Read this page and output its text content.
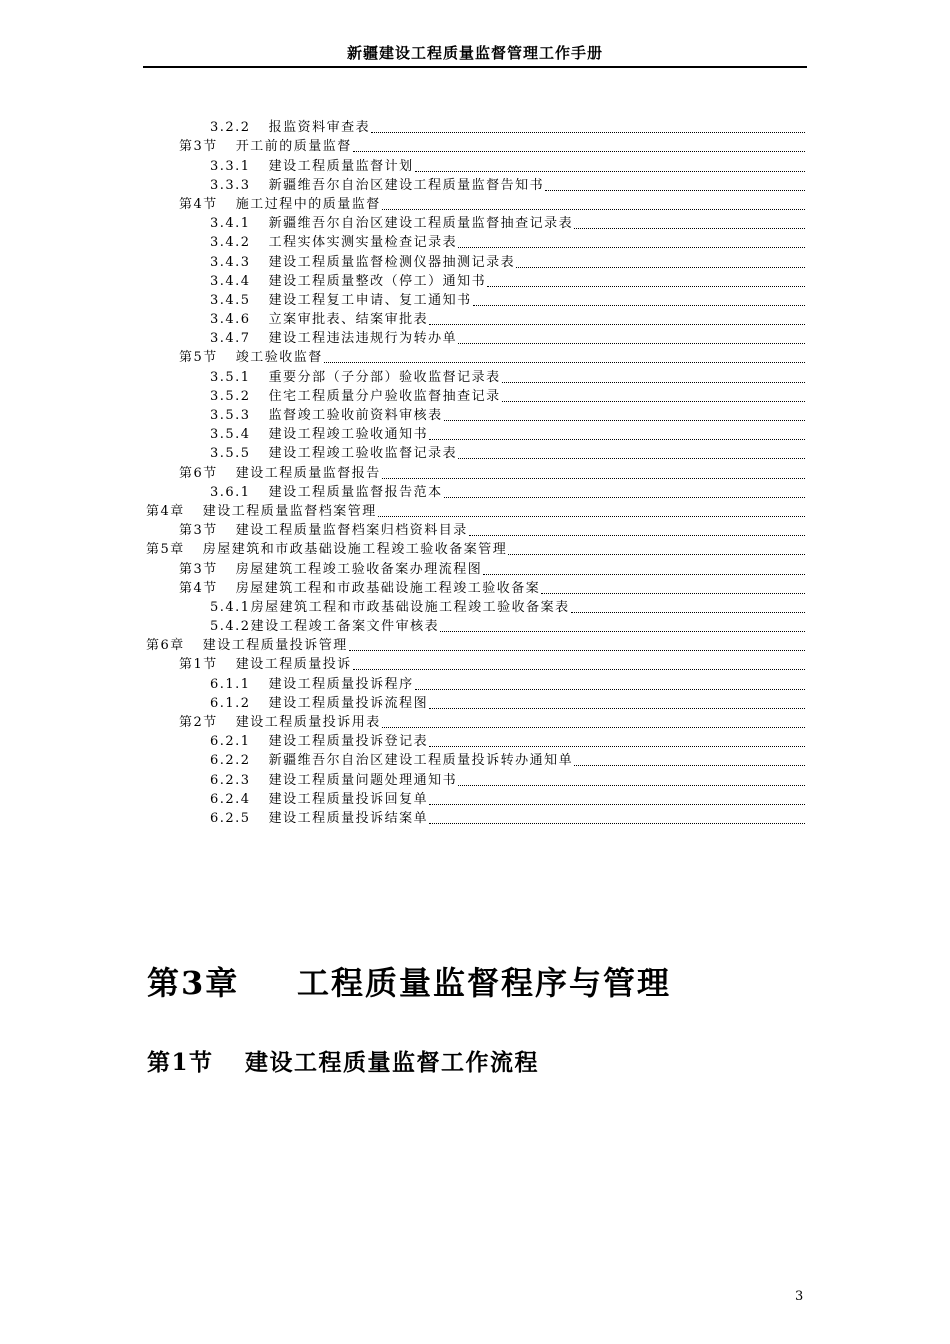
新疆建设工程质量监督管理工作手册
3.2.2 报监资料审查表
第3节 开工前的质量监督
3.3.1 建设工程质量监督计划
3.3.3 新疆维吾尔自治区建设工程质量监督告知书
第4节 施工过程中的质量监督
3.4.1 新疆维吾尔自治区建设工程质量监督抽查记录表
3.4.2 工程实体实测实量检查记录表
3.4.3 建设工程质量监督检测仪器抽测记录表
3.4.4 建设工程质量整改（停工）通知书
3.4.5 建设工程复工申请、复工通知书
3.4.6 立案审批表、结案审批表
3.4.7 建设工程违法违规行为转办单
第5节 竣工验收监督
3.5.1 重要分部（子分部）验收监督记录表
3.5.2 住宅工程质量分户验收监督抽查记录
3.5.3 监督竣工验收前资料审核表
3.5.4 建设工程竣工验收通知书
3.5.5 建设工程竣工验收监督记录表
第6节 建设工程质量监督报告
3.6.1 建设工程质量监督报告范本
第4章 建设工程质量监督档案管理
第3节 建设工程质量监督档案归档资料目录
第5章 房屋建筑和市政基础设施工程竣工验收备案管理
第3节 房屋建筑工程竣工验收备案办理流程图
第4节 房屋建筑工程和市政基础设施工程竣工验收备案
5.4.1 房屋建筑工程和市政基础设施工程竣工验收备案表
5.4.2 建设工程竣工备案文件审核表
第6章 建设工程质量投诉管理
第1节 建设工程质量投诉
6.1.1 建设工程质量投诉程序
6.1.2 建设工程质量投诉流程图
第2节 建设工程质量投诉用表
6.2.1 建设工程质量投诉登记表
6.2.2 新疆维吾尔自治区建设工程质量投诉转办通知单
6.2.3 建设工程质量问题处理通知书
6.2.4 建设工程质量投诉回复单
6.2.5 建设工程质量投诉结案单
第3章 工程质量监督程序与管理
第1节 建设工程质量监督工作流程
3
